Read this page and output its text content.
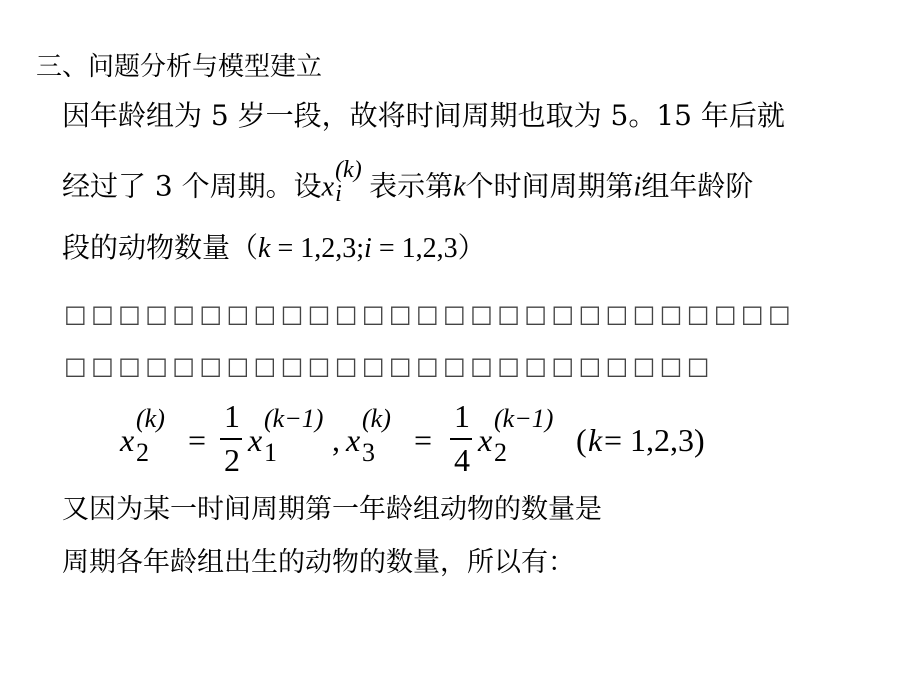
三、问题分析与模型建立
因年龄组为 5 岁一段，故将时间周期也取为 5。15 年后就
经过了 3 个周期。设x
(k)
i 表示第k个时间周期第i组年龄阶
段的动物数量（k = 1,2,3;i = 1,2,3）
□□□□□□□□□□□□□□□□□□□□□□□□□□□
□□□□□□□□□□□□□□□□□□□□□□□□
x 2
(k)
=
1
2
x 1
(k−1)
, x 3
(k)
=
1
4
x 2
(k−1)
( k = 1,2,3)
又因为某一时间周期第一年龄组动物的数量是
周期各年龄组出生的动物的数量，所以有：
